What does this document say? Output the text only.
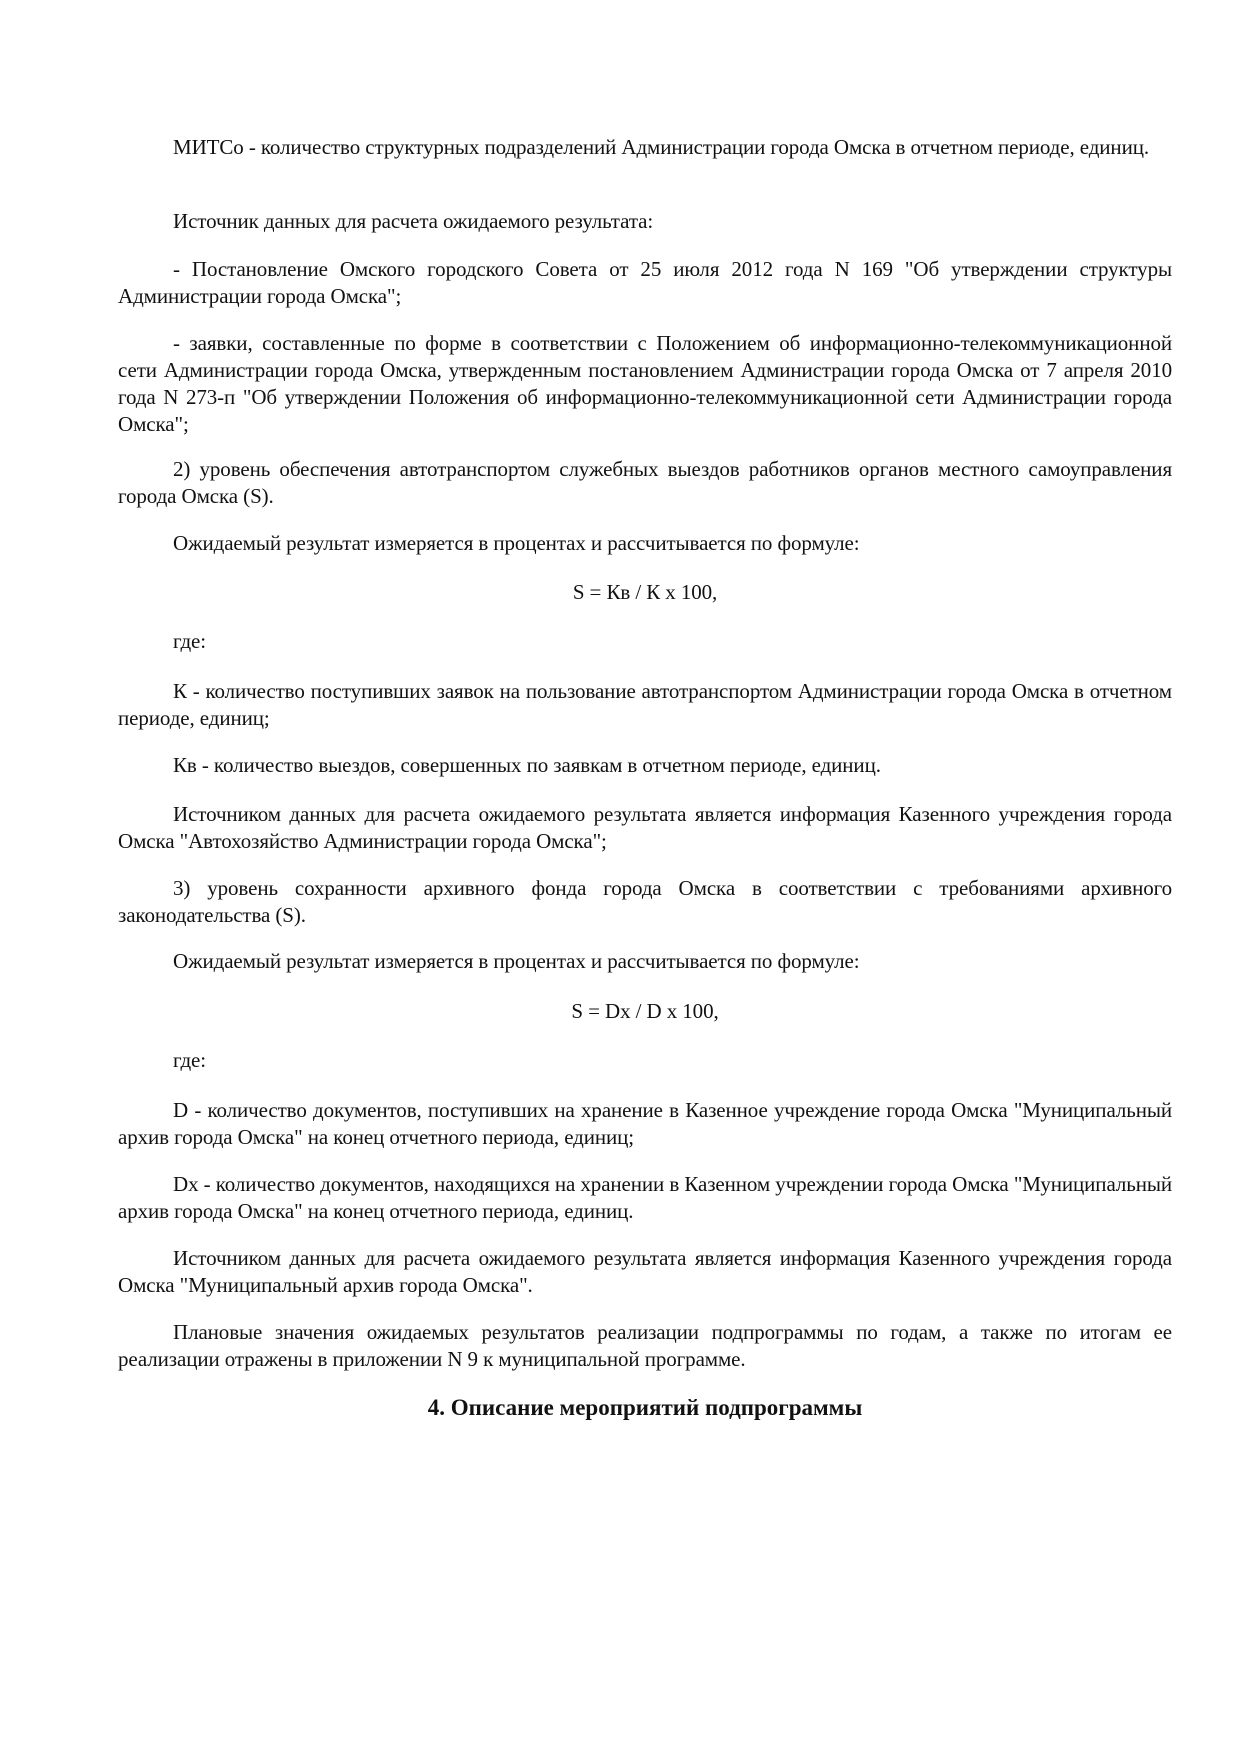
МИТСо - количество структурных подразделений Администрации города Омска в отчетном периоде, единиц.

Источник данных для расчета ожидаемого результата:

- Постановление Омского городского Совета от 25 июля 2012 года N 169 "Об утверждении структуры Администрации города Омска";

- заявки, составленные по форме в соответствии с Положением об информационно-телекоммуникационной сети Администрации города Омска, утвержденным постановлением Администрации города Омска от 7 апреля 2010 года N 273-п "Об утверждении Положения об информационно-телекоммуникационной сети Администрации города Омска";

2) уровень обеспечения автотранспортом служебных выездов работников органов местного самоуправления города Омска (S).

Ожидаемый результат измеряется в процентах и рассчитывается по формуле:

S = Кв / К x 100,

где:

К - количество поступивших заявок на пользование автотранспортом Администрации города Омска в отчетном периоде, единиц;

Кв - количество выездов, совершенных по заявкам в отчетном периоде, единиц.

Источником данных для расчета ожидаемого результата является информация Казенного учреждения города Омска "Автохозяйство Администрации города Омска";

3) уровень сохранности архивного фонда города Омска в соответствии с требованиями архивного законодательства (S).

Ожидаемый результат измеряется в процентах и рассчитывается по формуле:

S = Dx / D x 100,

где:

D - количество документов, поступивших на хранение в Казенное учреждение города Омска "Муниципальный архив города Омска" на конец отчетного периода, единиц;

Dx - количество документов, находящихся на хранении в Казенном учреждении города Омска "Муниципальный архив города Омска" на конец отчетного периода, единиц.

Источником данных для расчета ожидаемого результата является информация Казенного учреждения города Омска "Муниципальный архив города Омска".

Плановые значения ожидаемых результатов реализации подпрограммы по годам, а также по итогам ее реализации отражены в приложении N 9 к муниципальной программе.

4. Описание мероприятий подпрограммы
